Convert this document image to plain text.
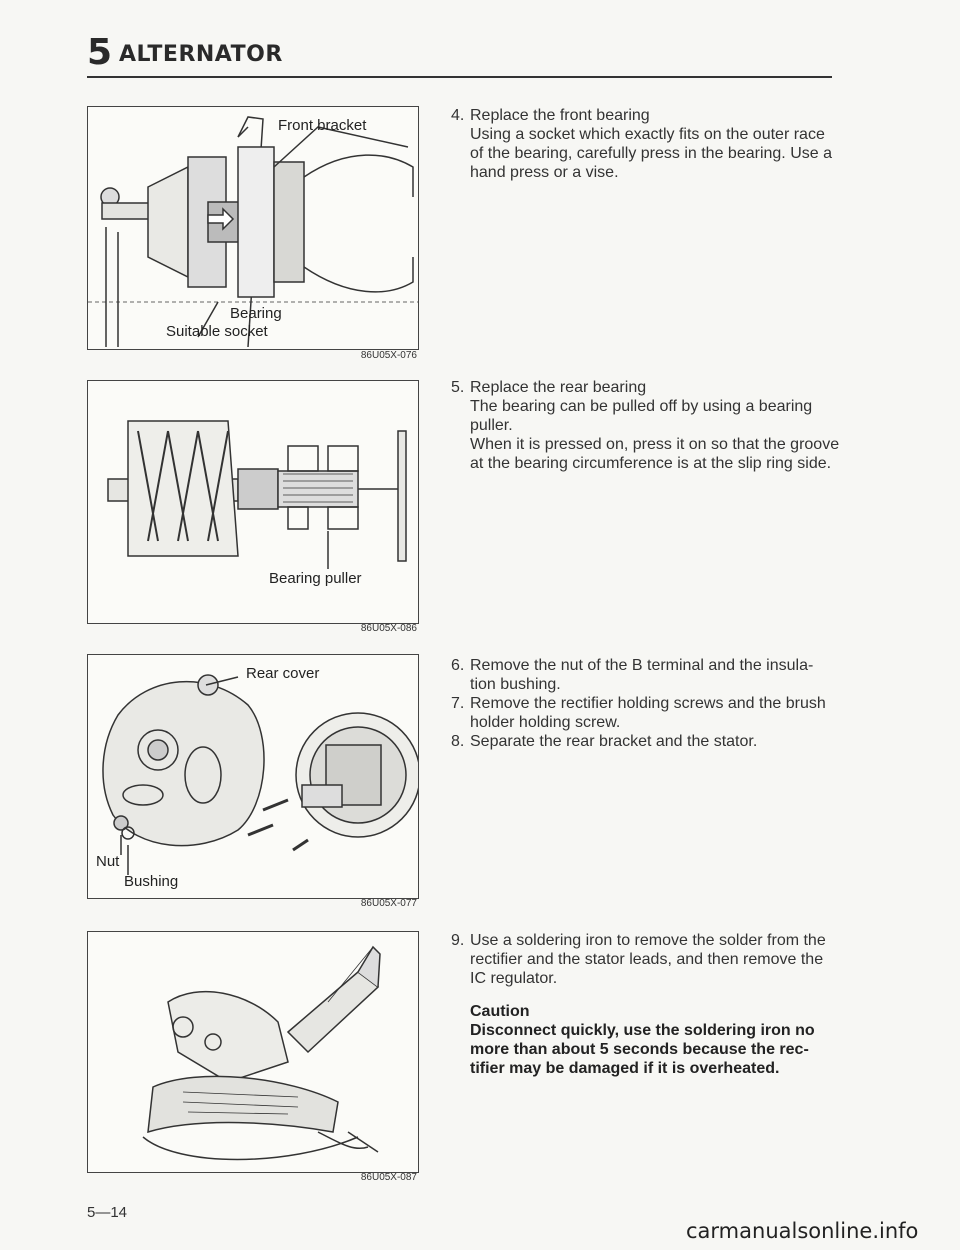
5 ALTERNATOR
Front bracket
Bearing
Suitable socket
86U05X-076
Bearing puller
86U05X-086
Rear cover
Nut
Bushing
86U05X-077
86U05X-087
4. Replace the front bearing
Using a socket which exactly fits on the outer race of the bearing, carefully press in the bearing. Use a hand press or a vise.
5. Replace the rear bearing
The bearing can be pulled off by using a bearing puller.
When it is pressed on, press it on so that the groove at the bearing circumference is at the slip ring side.
6. Remove the nut of the B terminal and the insula- tion bushing.
7. Remove the rectifier holding screws and the brush holder holding screw.
8. Separate the rear bracket and the stator.
9. Use a soldering iron to remove the solder from the rectifier and the stator leads, and then remove the IC regulator.
Caution
Disconnect quickly, use the soldering iron no more than about 5 seconds because the rec- tifier may be damaged if it is overheated.
5—14
carmanualsonline.info
